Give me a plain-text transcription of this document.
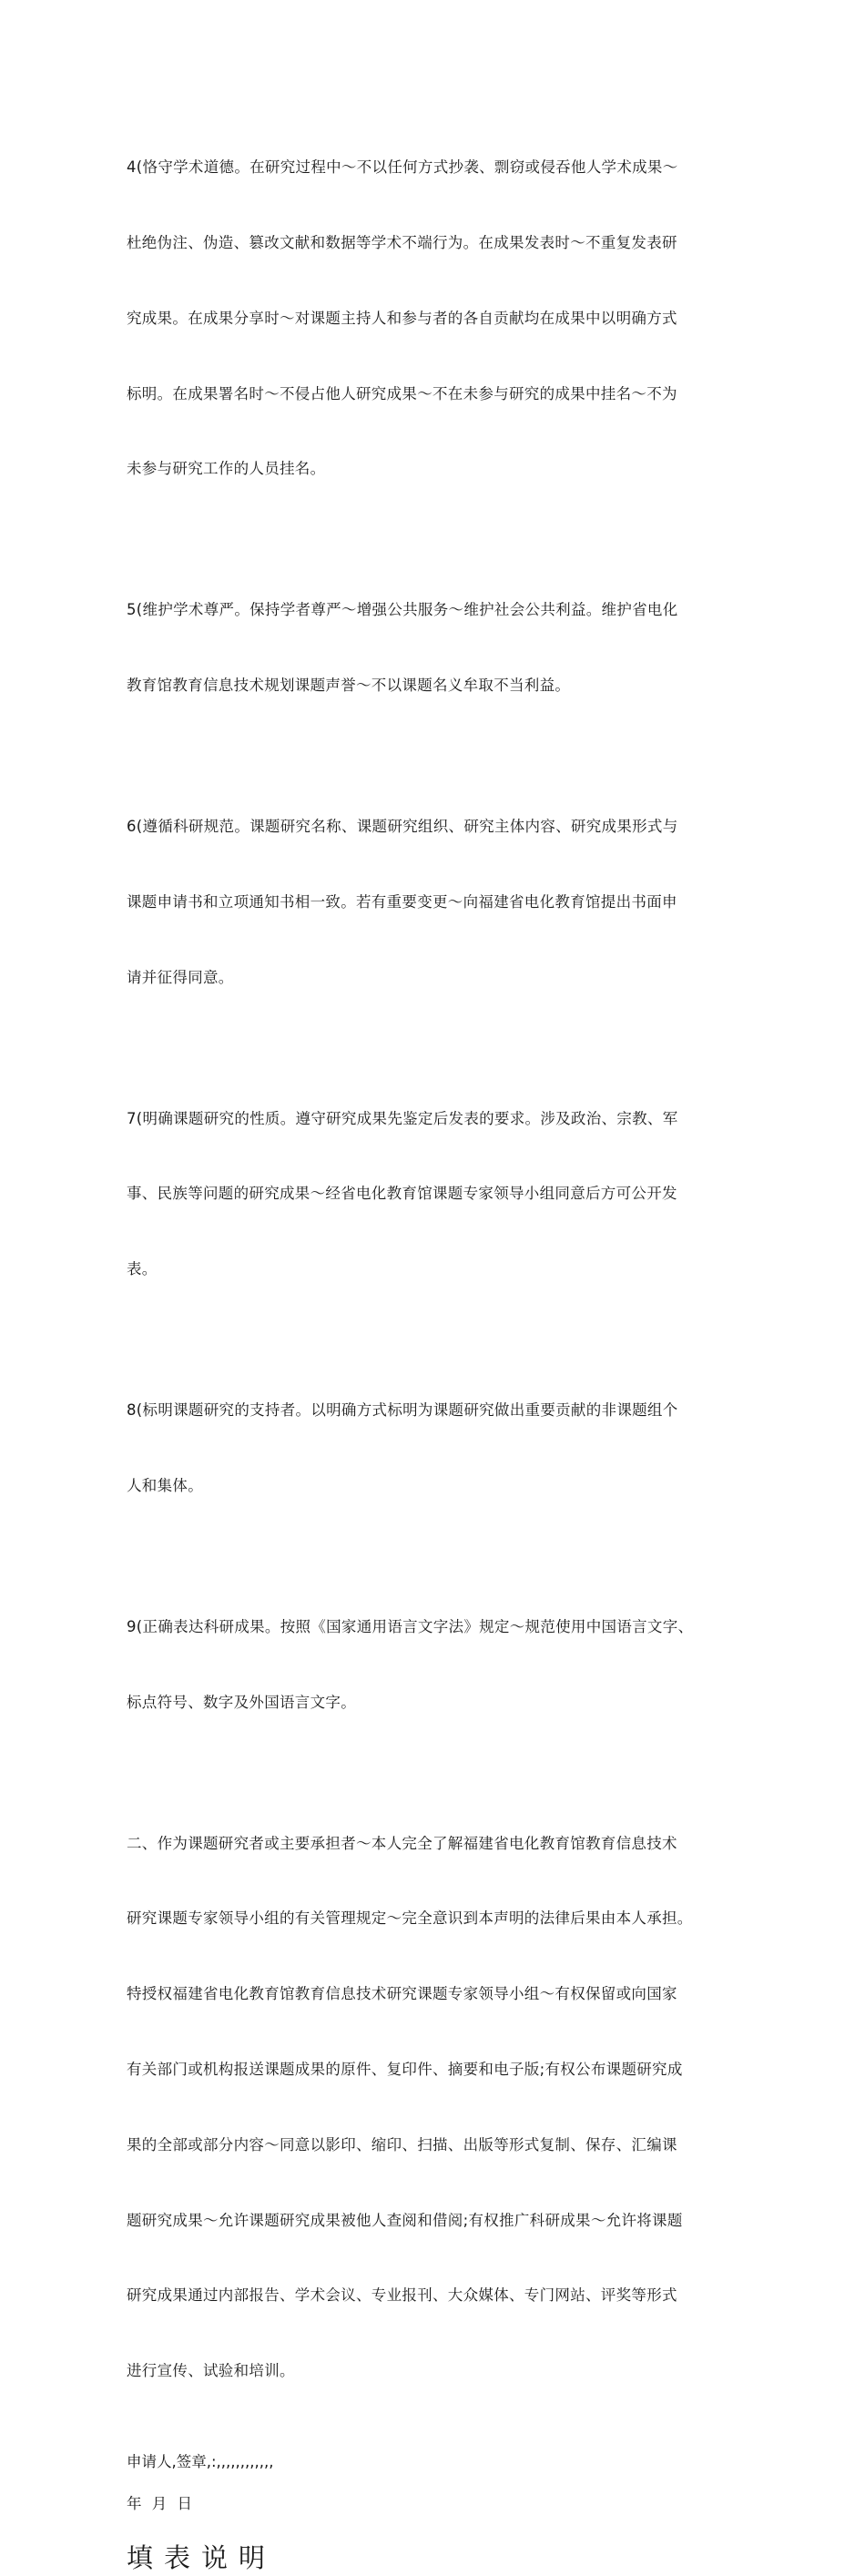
4(恪守学术道德。在研究过程中～不以任何方式抄袭、剽窃或侵吞他人学术成果～

杜绝伪注、伪造、篡改文献和数据等学术不端行为。在成果发表时～不重复发表研

究成果。在成果分享时～对课题主持人和参与者的各自贡献均在成果中以明确方式

标明。在成果署名时～不侵占他人研究成果～不在未参与研究的成果中挂名～不为

未参与研究工作的人员挂名。

5(维护学术尊严。保持学者尊严～增强公共服务～维护社会公共利益。维护省电化

教育馆教育信息技术规划课题声誉～不以课题名义牟取不当利益。

6(遵循科研规范。课题研究名称、课题研究组织、研究主体内容、研究成果形式与

课题申请书和立项通知书相一致。若有重要变更～向福建省电化教育馆提出书面申

请并征得同意。

7(明确课题研究的性质。遵守研究成果先鉴定后发表的要求。涉及政治、宗教、军

事、民族等问题的研究成果～经省电化教育馆课题专家领导小组同意后方可公开发

表。

8(标明课题研究的支持者。以明确方式标明为课题研究做出重要贡献的非课题组个

人和集体。

9(正确表达科研成果。按照《国家通用语言文字法》规定～规范使用中国语言文字、

标点符号、数字及外国语言文字。

二、作为课题研究者或主要承担者～本人完全了解福建省电化教育馆教育信息技术

研究课题专家领导小组的有关管理规定～完全意识到本声明的法律后果由本人承担。

特授权福建省电化教育馆教育信息技术研究课题专家领导小组～有权保留或向国家

有关部门或机构报送课题成果的原件、复印件、摘要和电子版;有权公布课题研究成

果的全部或部分内容～同意以影印、缩印、扫描、出版等形式复制、保存、汇编课

题研究成果～允许课题研究成果被他人查阅和借阅;有权推广科研成果～允许将课题

研究成果通过内部报告、学术会议、专业报刊、大众媒体、专门网站、评奖等形式

进行宣传、试验和培训。

申请人,签章,:,,,,,,,,,,,,
年 月 日
填表说明
